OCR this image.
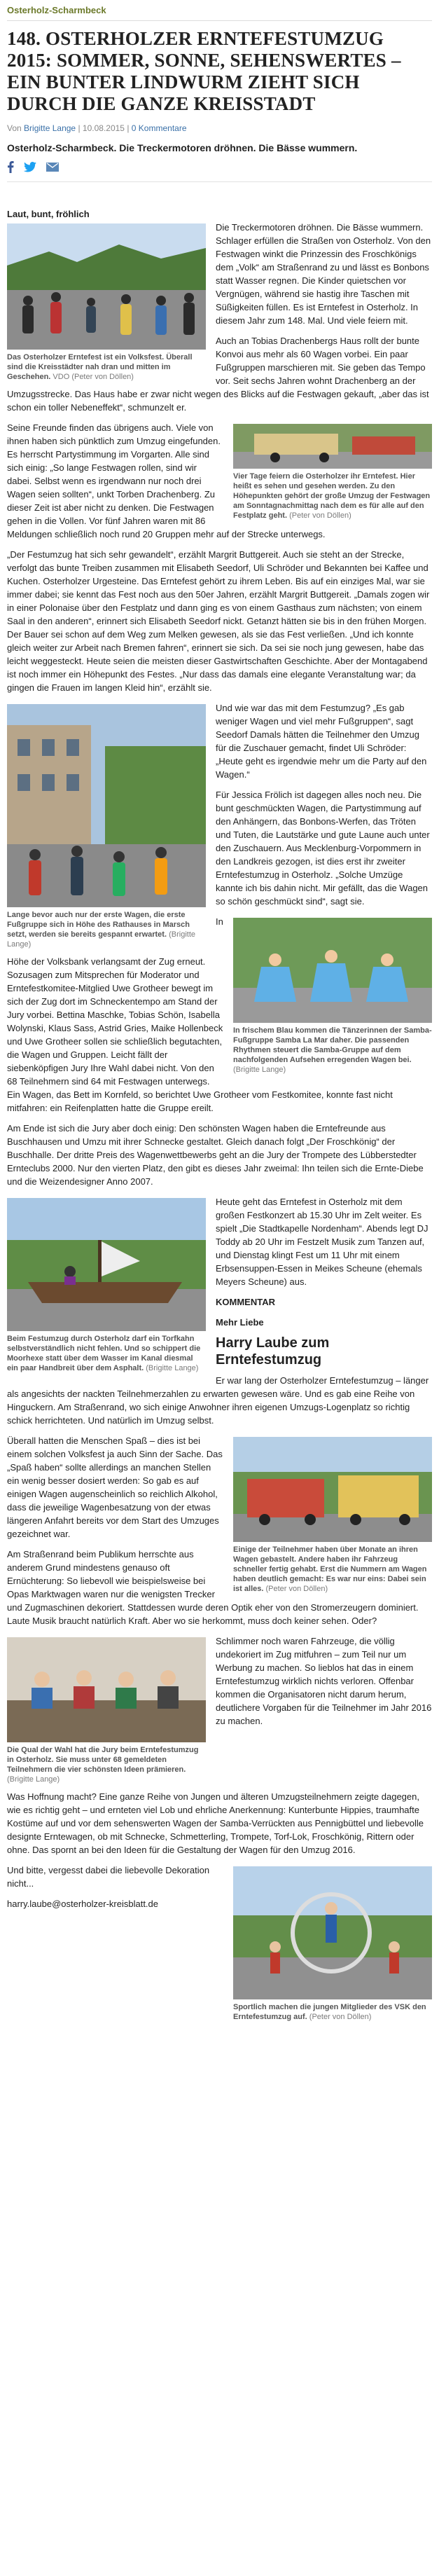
Osterholz-Scharmbeck
148. OSTERHOLZER ERNTEFESTUMZUG 2015: SOMMER, SONNE, SEHENSWERTES – EIN BUNTER LINDWURM ZIEHT SICH DURCH DIE GANZE KREISSTADT
Von Brigitte Lange | 10.08.2015 | 0 Kommentare
Osterholz-Scharmbeck. Die Treckermotoren dröhnen. Die Bässe wummern.
Laut, bunt, fröhlich
Das Osterholzer Erntefest ist ein Volksfest. Überall sind die Kreisstädter nah dran und mitten im Geschehen. VDO (Peter von Döllen)

Die Treckermotoren dröhnen. Die Bässe wummern. Schlager erfüllen die Straßen von Osterholz. Von den Festwagen winkt die Prinzessin des Froschkönigs dem „Volk“ am Straßenrand zu und lässt es Bonbons statt Wasser regnen. Die Kinder quietschen vor Vergnügen, während sie hastig ihre Taschen mit Süßigkeiten füllen. Es ist Erntefest in Osterholz. In diesem Jahr zum 148. Mal. Und viele feiern mit.

Auch an Tobias Drachenbergs Haus rollt der bunte Konvoi aus mehr als 60 Wagen vorbei. Ein paar Fußgruppen marschieren mit. Sie geben das Tempo vor. Seit sechs Jahren wohnt Drachenberg an der Umzugsstrecke. Das Haus habe er zwar nicht wegen des Blicks auf die Festwagen gekauft, „aber das ist schon ein toller Nebeneffekt“, schmunzelt er.

Vier Tage feiern die Osterholzer ihr Erntefest. Hier heißt es sehen und gesehen werden. Zu den Höhepunkten gehört der große Umzug der Festwagen am Sonntagnachmittag nach dem es für alle auf den Festplatz geht. (Peter von Döllen)

Seine Freunde finden das übrigens auch. Viele von ihnen haben sich pünktlich zum Umzug eingefunden. Es herrscht Partystimmung im Vorgarten. Alle sind sich einig: „So lange Festwagen rollen, sind wir dabei. Selbst wenn es irgendwann nur noch drei Wagen seien sollten“, unkt Torben Drachenberg. Zu dieser Zeit ist aber nicht zu denken. Die Festwagen gehen in die Vollen. Vor fünf Jahren waren mit 86 Meldungen schließlich noch rund 20 Gruppen mehr auf der Strecke unterwegs.

„Der Festumzug hat sich sehr gewandelt“, erzählt Margrit Buttgereit. Auch sie steht an der Strecke, verfolgt das bunte Treiben zusammen mit Elisabeth Seedorf, Uli Schröder und Bekannten bei Kaffee und Kuchen. Osterholzer Urgesteine. Das Erntefest gehört zu ihrem Leben. Bis auf ein einziges Mal, war sie immer dabei; sie kennt das Fest noch aus den 50er Jahren, erzählt Margrit Buttgereit. „Damals zogen wir in einer Polonaise über den Festplatz und dann ging es von einem Gasthaus zum nächsten; von einem Saal in den anderen“, erinnert sich Elisabeth Seedorf nickt. Getanzt hätten sie bis in den frühen Morgen. Der Bauer sei schon auf dem Weg zum Melken gewesen, als sie das Fest verließen. „Und ich konnte gleich weiter zur Arbeit nach Bremen fahren“, erinnert sie sich. Da sei sie noch jung gewesen, habe das leicht weggesteckt. Heute seien die meisten dieser Gastwirtschaften Geschichte. Aber der Montagabend ist noch immer ein Höhepunkt des Festes. „Nur dass das damals eine elegante Veranstaltung war; da gingen die Frauen im langen Kleid hin“, erzählt sie.

Lange bevor auch nur der erste Wagen, die erste Fußgruppe sich in Höhe des Rathauses in Marsch setzt, werden sie bereits gespannt erwartet. (Brigitte Lange)

Und wie war das mit dem Festumzug? „Es gab weniger Wagen und viel mehr Fußgruppen“, sagt Seedorf Damals hätten die Teilnehmer den Umzug für die Zuschauer gemacht, findet Uli Schröder: „Heute geht es irgendwie mehr um die Party auf den Wagen.“

Für Jessica Frölich ist dagegen alles noch neu. Die bunt geschmückten Wagen, die Partystimmung auf den Anhängern, das Bonbons-Werfen, das Tröten und Tuten, die Lautstärke und gute Laune auch unter den Zuschauern. Aus Mecklenburg-Vorpommern in den Landkreis gezogen, ist dies erst ihr zweiter Erntefestumzug in Osterholz. „Solche Umzüge kannte ich bis dahin nicht. Mir gefällt, das die Wagen so schön geschmückt sind“, sagt sie.

In frischem Blau kommen die Tänzerinnen der Samba-Fußgruppe Samba La Mar daher. Die passenden Rhythmen steuert die Samba-Gruppe auf dem nachfolgenden Aufsehen erregenden Wagen bei. (Brigitte Lange)
In

Höhe der Volksbank verlangsamt der Zug erneut. Sozusagen zum Mitsprechen für Moderator und Erntefestkomitee-Mitglied Uwe Grotheer bewegt im sich der Zug dort im Schneckentempo am Stand der Jury vorbei. Bettina Maschke, Tobias Schön, Isabella Wolynski, Klaus Sass, Astrid Gries, Maike Hollenbeck und Uwe Grotheer sollen sie schließlich begutachten, die Wagen und Gruppen. Leicht fällt der siebenköpfigen Jury Ihre Wahl dabei nicht. Von den 68 Teilnehmern sind 64 mit Festwagen unterwegs. Ein Wagen, das Bett im Kornfeld, so berichtet Uwe Grotheer vom Festkomitee, konnte fast nicht mitfahren: ein Reifenplatten hatte die Gruppe ereilt.

Am Ende ist sich die Jury aber doch einig: Den schönsten Wagen haben die Erntefreunde aus Buschhausen und Umzu mit ihrer Schnecke gestaltet. Gleich danach folgt „Der Froschkönig“ der Buschhalle. Der dritte Preis des Wagenwettbewerbs geht an die Jury der Trompete des Lübberstedter Ernteclubs 2000. Nur den vierten Platz, den gibt es dieses Jahr zweimal: Ihn teilen sich die Ernte-Diebe und die Weizendesigner Anno 2007.

Beim Festumzug durch Osterholz darf ein Torfkahn selbstverständlich nicht fehlen. Und so schippert die Moorhexe statt über dem Wasser im Kanal diesmal ein paar Handbreit über dem Asphalt. (Brigitte Lange)

Heute geht das Erntefest in Osterholz mit dem großen Festkonzert ab 15.30 Uhr im Zelt weiter. Es spielt „Die Stadtkapelle Nordenham“. Abends legt DJ Toddy ab 20 Uhr im Festzelt Musik zum Tanzen auf, und Dienstag klingt Fest um 11 Uhr mit einem Erbsensuppen-Essen in Meikes Scheune (ehemals Meyers Scheune) aus.

KOMMENTAR
Mehr Liebe
Harry Laube zum Erntefestumzug

Er war lang der Osterholzer Erntefestumzug – länger als angesichts der nackten Teilnehmerzahlen zu erwarten gewesen wäre. Und es gab eine Reihe von Hinguckern. Am Straßenrand, wo sich einige Anwohner ihren eigenen Umzugs-Logenplatz so richtig schick herrichteten. Und natürlich im Umzug selbst.

Einige der Teilnehmer haben über Monate an ihren Wagen gebastelt. Andere haben ihr Fahrzeug schneller fertig gehabt. Erst die Nummern am Wagen haben deutlich gemacht: Es war nur eins: Dabei sein ist alles. (Peter von Döllen)

Überall hatten die Menschen Spaß – dies ist bei einem solchen Volksfest ja auch Sinn der Sache. Das „Spaß haben“ sollte allerdings an manchen Stellen ein wenig besser dosiert werden: So gab es auf einigen Wagen augenscheinlich so reichlich Alkohol, dass die jeweilige Wagenbesatzung von der etwas längeren Anfahrt bereits vor dem Start des Umzuges gezeichnet war.

Am Straßenrand beim Publikum herrschte aus anderem Grund mindestens genauso oft Ernüchterung: So liebevoll wie beispielsweise bei Opas Marktwagen waren nur die wenigsten Trecker und Zugmaschinen dekoriert. Stattdessen wurde deren Optik eher von den Stromerzeugern dominiert. Laute Musik braucht natürlich Kraft. Aber wo sie herkommt, muss doch keiner sehen. Oder?

Die Qual der Wahl hat die Jury beim Erntefestumzug in Osterholz. Sie muss unter 68 gemeldeten Teilnehmern die vier schönsten Ideen prämieren. (Brigitte Lange)

Schlimmer noch waren Fahrzeuge, die völlig undekoriert im Zug mitfuhren – zum Teil nur um Werbung zu machen. So lieblos hat das in einem Erntefestumzug wirklich nichts verloren. Offenbar kommen die Organisatoren nicht darum herum, deutlichere Vorgaben für die Teilnehmer im Jahr 2016 zu machen.

Was Hoffnung macht? Eine ganze Reihe von Jungen und älteren Umzugsteilnehmern zeigte dagegen, wie es richtig geht – und ernteten viel Lob und ehrliche Anerkennung: Kunterbunte Hippies, traumhafte Kostüme auf und vor dem sehenswerten Wagen der Samba-Verrückten aus Pennigbüttel und liebevolle designte Erntewagen, ob mit Schnecke, Schmetterling, Trompete, Torf-Lok, Froschkönig, Rittern oder ohne. Das spornt an bei den Ideen für die Gestaltung der Wagen für den Umzug 2016.

Sportlich machen die jungen Mitglieder des VSK den Erntefestumzug auf. (Peter von Döllen)

Und bitte, vergesst dabei die liebevolle Dekoration nicht...

harry.laube@osterholzer-kreisblatt.de
